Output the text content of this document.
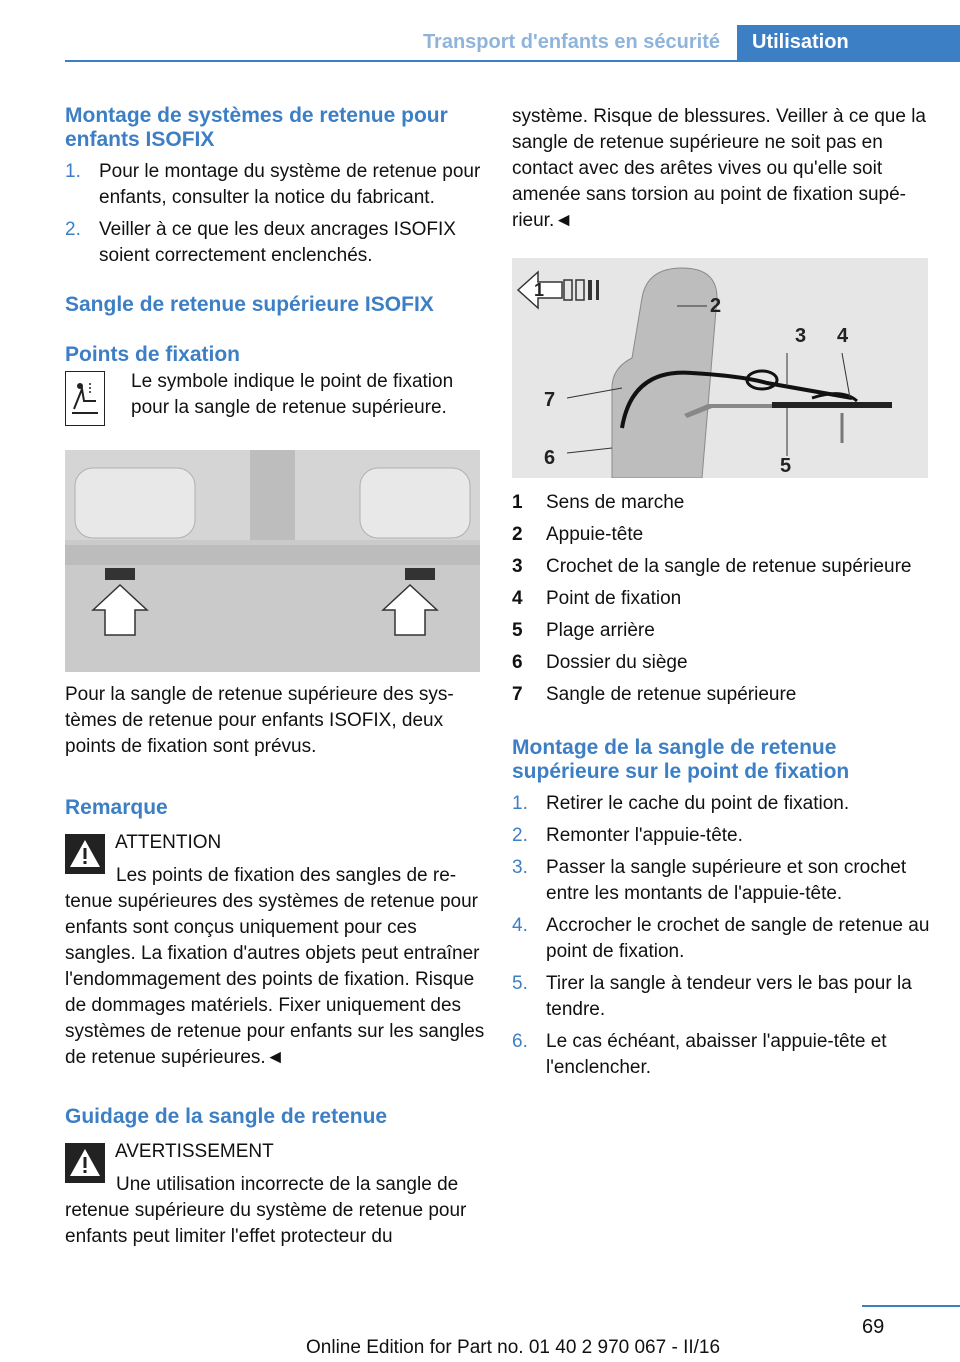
Transport d'enfants en sécurité	Utilisation
Montage de systèmes de retenue pour enfants ISOFIX
1. Pour le montage du système de retenue pour enfants, consulter la notice du fabricant.
2. Veiller à ce que les deux ancrages ISOFIX soient correctement enclenchés.
Sangle de retenue supérieure ISOFIX
Points de fixation
Le symbole indique le point de fixation pour la sangle de retenue supérieure.
Pour la sangle de retenue supérieure des systèmes de retenue pour enfants ISOFIX, deux points de fixation sont prévus.
Remarque
ATTENTION
Les points de fixation des sangles de retenue supérieures des systèmes de retenue pour enfants sont conçus uniquement pour ces sangles. La fixation d'autres objets peut entraîner l'endommagement des points de fixation. Risque de dommages matériels. Fixer uniquement des systèmes de retenue pour enfants sur les sangles de retenue supérieures.◄
Guidage de la sangle de retenue
AVERTISSEMENT
Une utilisation incorrecte de la sangle de retenue supérieure du système de retenue pour enfants peut limiter l'effet protecteur du
système. Risque de blessures. Veiller à ce que la sangle de retenue supérieure ne soit pas en contact avec des arêtes vives ou qu'elle soit amenée sans torsion au point de fixation supérieur.◄
1
2
3 4
5
6
7
1	Sens de marche
2	Appuie-tête
3	Crochet de la sangle de retenue supérieure
4	Point de fixation
5	Plage arrière
6	Dossier du siège
7	Sangle de retenue supérieure
Montage de la sangle de retenue supérieure sur le point de fixation
1. Retirer le cache du point de fixation.
2. Remonter l'appuie-tête.
3. Passer la sangle supérieure et son crochet entre les montants de l'appuie-tête.
4. Accrocher le crochet de sangle de retenue au point de fixation.
5. Tirer la sangle à tendeur vers le bas pour la tendre.
6. Le cas échéant, abaisser l'appuie-tête et l'enclencher.
69
Online Edition for Part no. 01 40 2 970 067 - II/16
